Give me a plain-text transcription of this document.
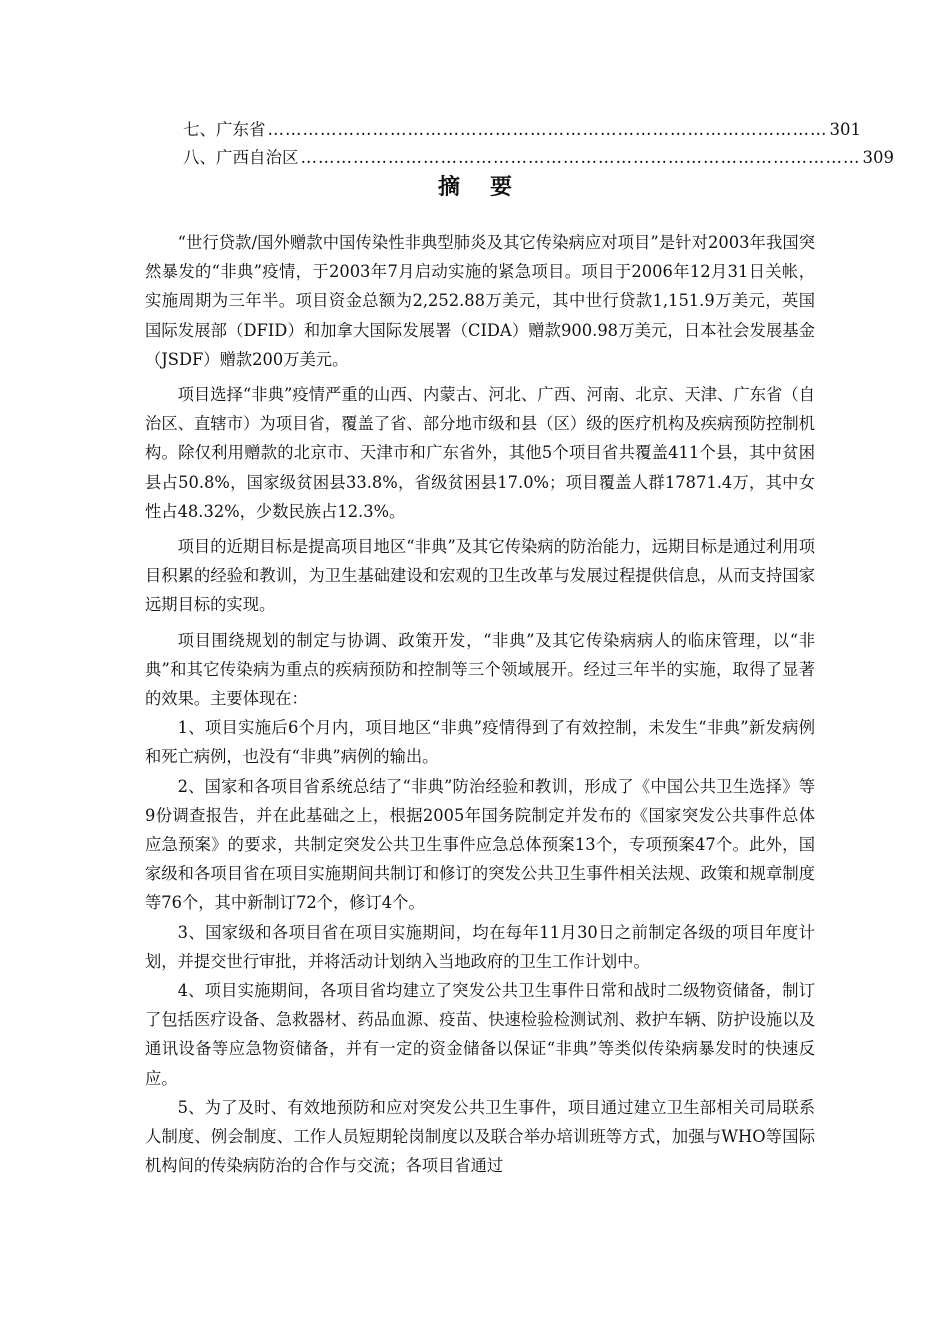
七、广东省 …………………………………………………………………………………… 301
八、广西自治区 …………………………………………………………………………………… 309
摘要

“世行贷款/国外赠款中国传染性非典型肺炎及其它传染病应对项目”是针对2003年我国突然暴发的“非典”疫情，于2003年7月启动实施的紧急项目。项目于2006年12月31日关帐，实施周期为三年半。项目资金总额为2,252.88万美元，其中世行贷款1,151.9万美元，英国国际发展部（DFID）和加拿大国际发展署（CIDA）赠款900.98万美元，日本社会发展基金（JSDF）赠款200万美元。

项目选择“非典”疫情严重的山西、内蒙古、河北、广西、河南、北京、天津、广东省（自治区、直辖市）为项目省，覆盖了省、部分地市级和县（区）级的医疗机构及疾病预防控制机构。除仅利用赠款的北京市、天津市和广东省外，其他5个项目省共覆盖411个县，其中贫困县占50.8%，国家级贫困县33.8%，省级贫困县17.0%；项目覆盖人群17871.4万，其中女性占48.32%，少数民族占12.3%。

项目的近期目标是提高项目地区“非典”及其它传染病的防治能力，远期目标是通过利用项目积累的经验和教训，为卫生基础建设和宏观的卫生改革与发展过程提供信息，从而支持国家远期目标的实现。

项目围绕规划的制定与协调、政策开发，“非典”及其它传染病病人的临床管理，以“非典”和其它传染病为重点的疾病预防和控制等三个领域展开。经过三年半的实施，取得了显著的效果。主要体现在：

1、项目实施后6个月内，项目地区“非典”疫情得到了有效控制，未发生“非典”新发病例和死亡病例，也没有“非典”病例的输出。

2、国家和各项目省系统总结了“非典”防治经验和教训，形成了《中国公共卫生选择》等9份调查报告，并在此基础之上，根据2005年国务院制定并发布的《国家突发公共事件总体应急预案》的要求，共制定突发公共卫生事件应急总体预案13个，专项预案47个。此外，国家级和各项目省在项目实施期间共制订和修订的突发公共卫生事件相关法规、政策和规章制度等76个，其中新制订72个，修订4个。

3、国家级和各项目省在项目实施期间，均在每年11月30日之前制定各级的项目年度计划，并提交世行审批，并将活动计划纳入当地政府的卫生工作计划中。

4、项目实施期间，各项目省均建立了突发公共卫生事件日常和战时二级物资储备，制订了包括医疗设备、急救器材、药品血源、疫苗、快速检验检测试剂、救护车辆、防护设施以及通讯设备等应急物资储备，并有一定的资金储备以保证“非典”等类似传染病暴发时的快速反应。

5、为了及时、有效地预防和应对突发公共卫生事件，项目通过建立卫生部相关司局联系人制度、例会制度、工作人员短期轮岗制度以及联合举办培训班等方式，加强与WHO等国际机构间的传染病防治的合作与交流；各项目省通过
